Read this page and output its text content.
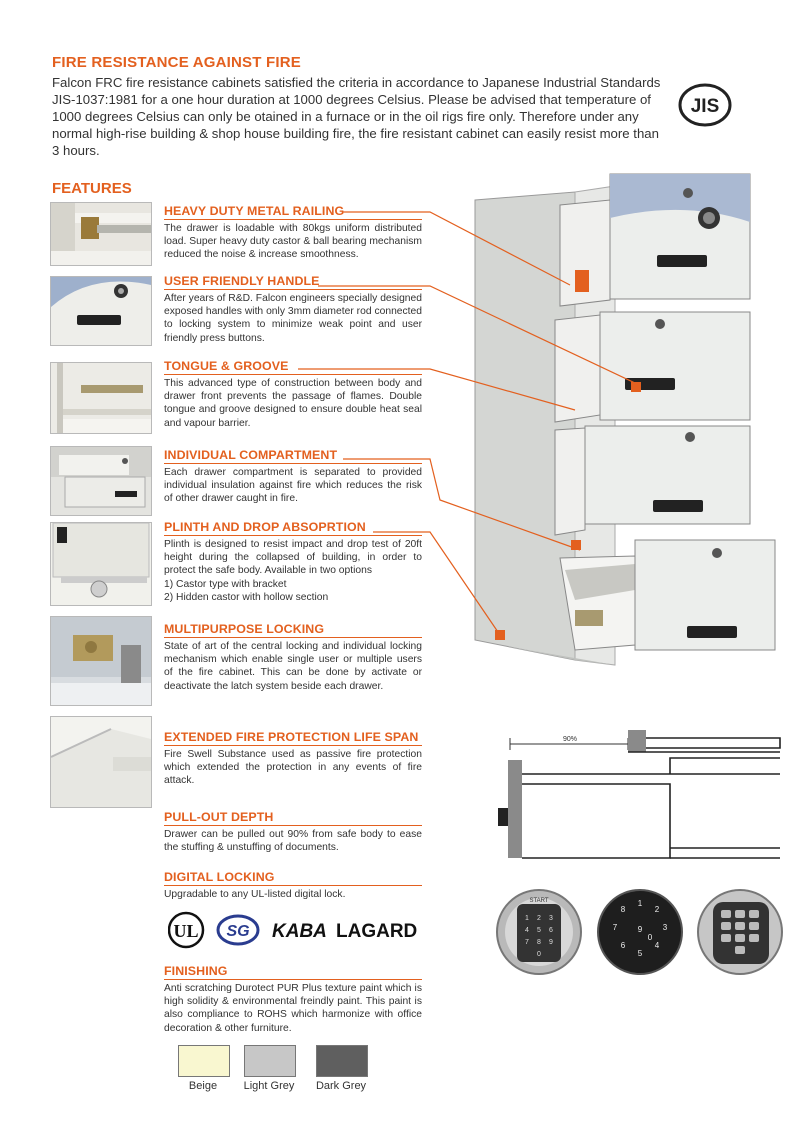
FIRE RESISTANCE AGAINST FIRE
Falcon FRC fire resistance cabinets satisfied the criteria in accordance to Japanese Industrial Standards JIS-1037:1981 for a one hour duration at 1000 degrees Celsius. Please be advised that temperature of 1000 degrees Celsius can only be otained in a furnace or in the oil rigs fire only. Therefore under any normal high-rise building & shop house building fire, the fire resistant cabinet can easily resist more than 3 hours.
JIS
FEATURES
HEAVY DUTY METAL RAILING
The drawer is loadable with 80kgs uniform distributed load. Super heavy duty castor & ball bearing mechanism reduced the noise & increase smoothness.
USER FRIENDLY HANDLE
After years of R&D. Falcon engineers specially designed exposed handles with only 3mm diameter rod connected to locking system to minimize weak point and user friendly press buttons.
TONGUE & GROOVE
This advanced type of construction between body and drawer front prevents the passage of flames. Double tongue and groove designed to ensure double heat seal and vapour barrier.
INDIVIDUAL COMPARTMENT
Each drawer compartment is separated to provided individual insulation against fire which reduces the risk of other drawer caught in fire.
PLINTH AND DROP ABSOPRTION
Plinth is designed to resist impact and drop test of 20ft height during the collapsed of building, in order to protect the safe body. Available in two options
1) Castor type with bracket
2) Hidden castor with hollow section
MULTIPURPOSE LOCKING
State of art of the central locking and individual locking mechanism which enable single user or multiple users of the fire cabinet. This can be done by activate or deactivate the latch system beside each drawer.
EXTENDED FIRE PROTECTION LIFE SPAN
Fire Swell Substance used as passive fire protection which extended the protection in any events of fire attack.
PULL-OUT DEPTH
Drawer can be pulled out 90% from safe body to ease the stuffing & unstuffing of documents.
DIGITAL LOCKING
Upgradable to any UL-listed digital lock.
FINISHING
Anti scratching Durotect PUR Plus texture paint which is high solidity & environmental freindly paint. This paint is also compliance to ROHS which harmonize with office decoration & other furniture.
UL SG KABA LAGARD
Beige	Light Grey	Dark Grey
90%
START
1 2 3
4 5 6
7 8 9
0
1
2
3
4
5
6
7
8
9
0
